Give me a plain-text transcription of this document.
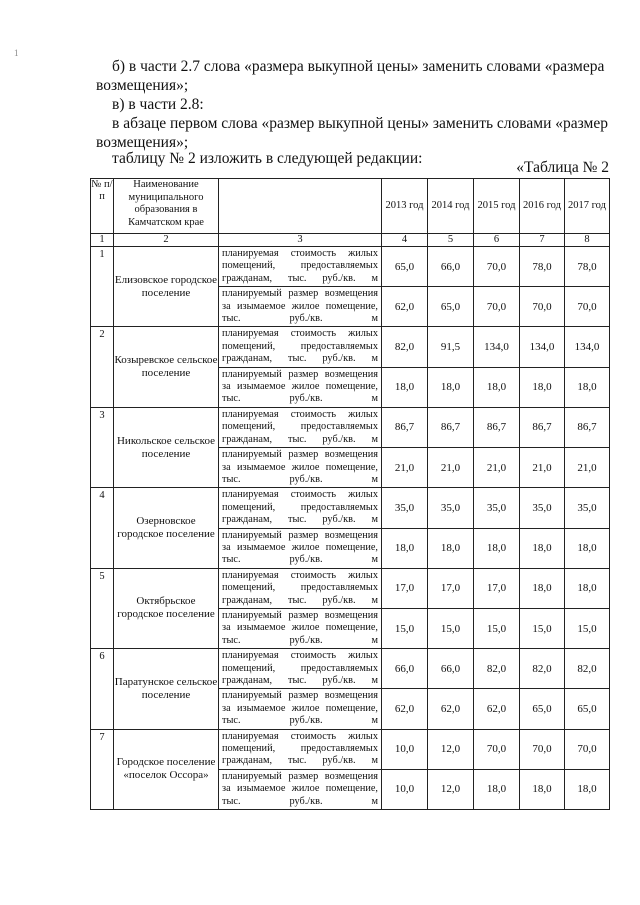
1

б) в части 2.7 слова «размера выкупной цены» заменить словами «размера

возмещения»;

в) в части 2.8:

в абзаце первом слова «размер выкупной цены» заменить словами «размер

возмещения»;

таблицу № 2 изложить в следующей редакции:

«Таблица № 2
№ п/п	Наименование муниципального образования в Камчатском крае		2013 год	2014 год	2015 год	2016 год	2017 год
1	2	3	4	5	6	7	8
1	Елизовское городское поселение	планируемая стоимость жилых помещений, предоставляемых гражданам, тыс. руб./кв. м	65,0	66,0	70,0	78,0	78,0
		планируемый размер возмещения за изымаемое жилое помещение, тыс. руб./кв. м	62,0	65,0	70,0	70,0	70,0
2	Козыревское сельское поселение	планируемая стоимость жилых помещений, предоставляемых гражданам, тыс. руб./кв. м	82,0	91,5	134,0	134,0	134,0
		планируемый размер возмещения за изымаемое жилое помещение, тыс. руб./кв. м	18,0	18,0	18,0	18,0	18,0
3	Никольское сельское поселение	планируемая стоимость жилых помещений, предоставляемых гражданам, тыс. руб./кв. м	86,7	86,7	86,7	86,7	86,7
		планируемый размер возмещения за изымаемое жилое помещение, тыс. руб./кв. м	21,0	21,0	21,0	21,0	21,0
4	Озерновское городское поселение	планируемая стоимость жилых помещений, предоставляемых гражданам, тыс. руб./кв. м	35,0	35,0	35,0	35,0	35,0
		планируемый размер возмещения за изымаемое жилое помещение, тыс. руб./кв. м	18,0	18,0	18,0	18,0	18,0
5	Октябрьское городское поселение	планируемая стоимость жилых помещений, предоставляемых гражданам, тыс. руб./кв. м	17,0	17,0	17,0	18,0	18,0
		планируемый размер возмещения за изымаемое жилое помещение, тыс. руб./кв. м	15,0	15,0	15,0	15,0	15,0
6	Паратунское сельское поселение	планируемая стоимость жилых помещений, предоставляемых гражданам, тыс. руб./кв. м	66,0	66,0	82,0	82,0	82,0
		планируемый размер возмещения за изымаемое жилое помещение, тыс. руб./кв. м	62,0	62,0	62,0	65,0	65,0
7	Городское поселение «поселок Оссора»	планируемая стоимость жилых помещений, предоставляемых гражданам, тыс. руб./кв. м	10,0	12,0	70,0	70,0	70,0
		планируемый размер возмещения за изымаемое жилое помещение, тыс. руб./кв. м	10,0	12,0	18,0	18,0	18,0
